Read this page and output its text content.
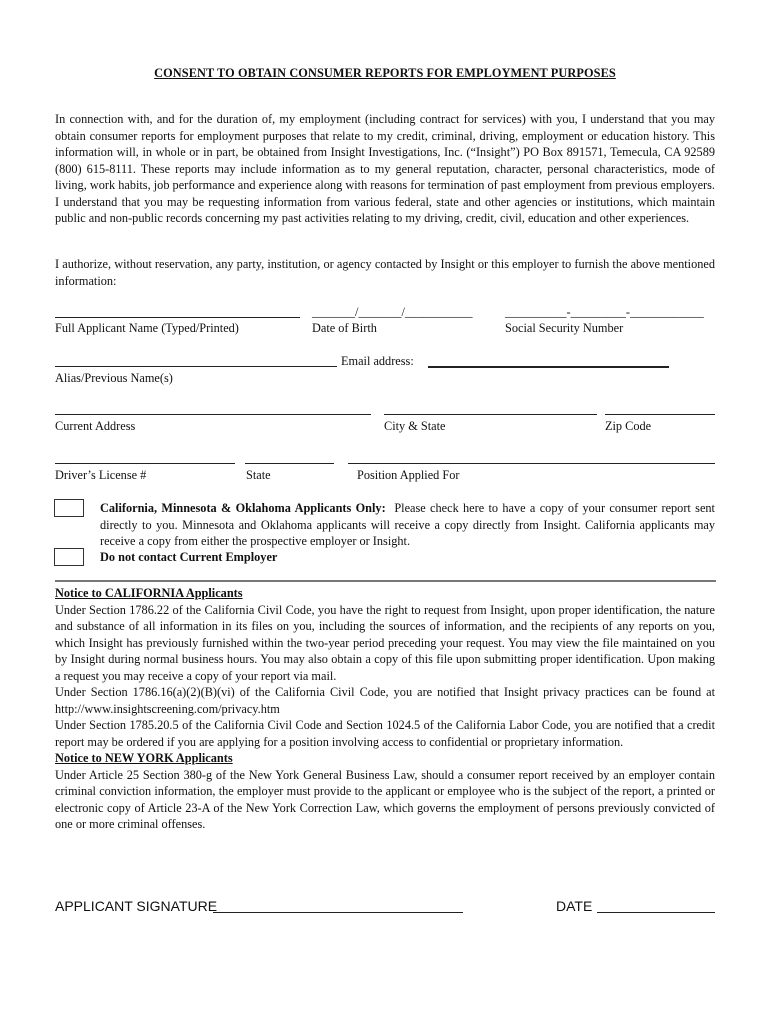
CONSENT TO OBTAIN CONSUMER REPORTS FOR EMPLOYMENT PURPOSES
In connection with, and for the duration of, my employment (including contract for services) with you, I understand that you may obtain consumer reports for employment purposes that relate to my credit, criminal, driving, employment or education history. This information will, in whole or in part, be obtained from Insight Investigations, Inc. (“Insight”) PO Box 891571, Temecula, CA 92589 (800) 615-8111. These reports may include information as to my general reputation, character, personal characteristics, mode of living, work habits, job performance and experience along with reasons for termination of past employment from previous employers. I understand that you may be requesting information from various federal, state and other agencies or institutions, which maintain public and non-public records concerning my past activities relating to my driving, credit, civil, education and other experiences.
I authorize, without reservation, any party, institution, or agency contacted by Insight or this employer to furnish the above mentioned information:
_______/_______/___________	__________-_________-____________
Full Applicant Name (Typed/Printed)	Date of Birth	Social Security Number
Email address:
Alias/Previous Name(s)
Current Address	City & State	Zip Code
Driver’s License #	State	Position Applied For
California, Minnesota & Oklahoma Applicants Only: Please check here to have a copy of your consumer report sent directly to you. Minnesota and Oklahoma applicants will receive a copy directly from Insight. California applicants may receive a copy from either the prospective employer or Insight.
Do not contact Current Employer
Notice to CALIFORNIA Applicants
Under Section 1786.22 of the California Civil Code, you have the right to request from Insight, upon proper identification, the nature and substance of all information in its files on you, including the sources of information, and the recipients of any reports on you, which Insight has previously furnished within the two-year period preceding your request. You may view the file maintained on you by Insight during normal business hours. You may also obtain a copy of this file upon submitting proper identification. Upon making a request you may receive a copy of your report via mail.
Under Section 1786.16(a)(2)(B)(vi) of the California Civil Code, you are notified that Insight privacy practices can be found at http://www.insightscreening.com/privacy.htm
Under Section 1785.20.5 of the California Civil Code and Section 1024.5 of the California Labor Code, you are notified that a credit report may be ordered if you are applying for a position involving access to confidential or proprietary information.
Notice to NEW YORK Applicants
Under Article 25 Section 380-g of the New York General Business Law, should a consumer report received by an employer contain criminal conviction information, the employer must provide to the applicant or employee who is the subject of the report, a printed or electronic copy of Article 23-A of the New York Correction Law, which governs the employment of persons previously convicted of one or more criminal offenses.
APPLICANT SIGNATURE	DATE
